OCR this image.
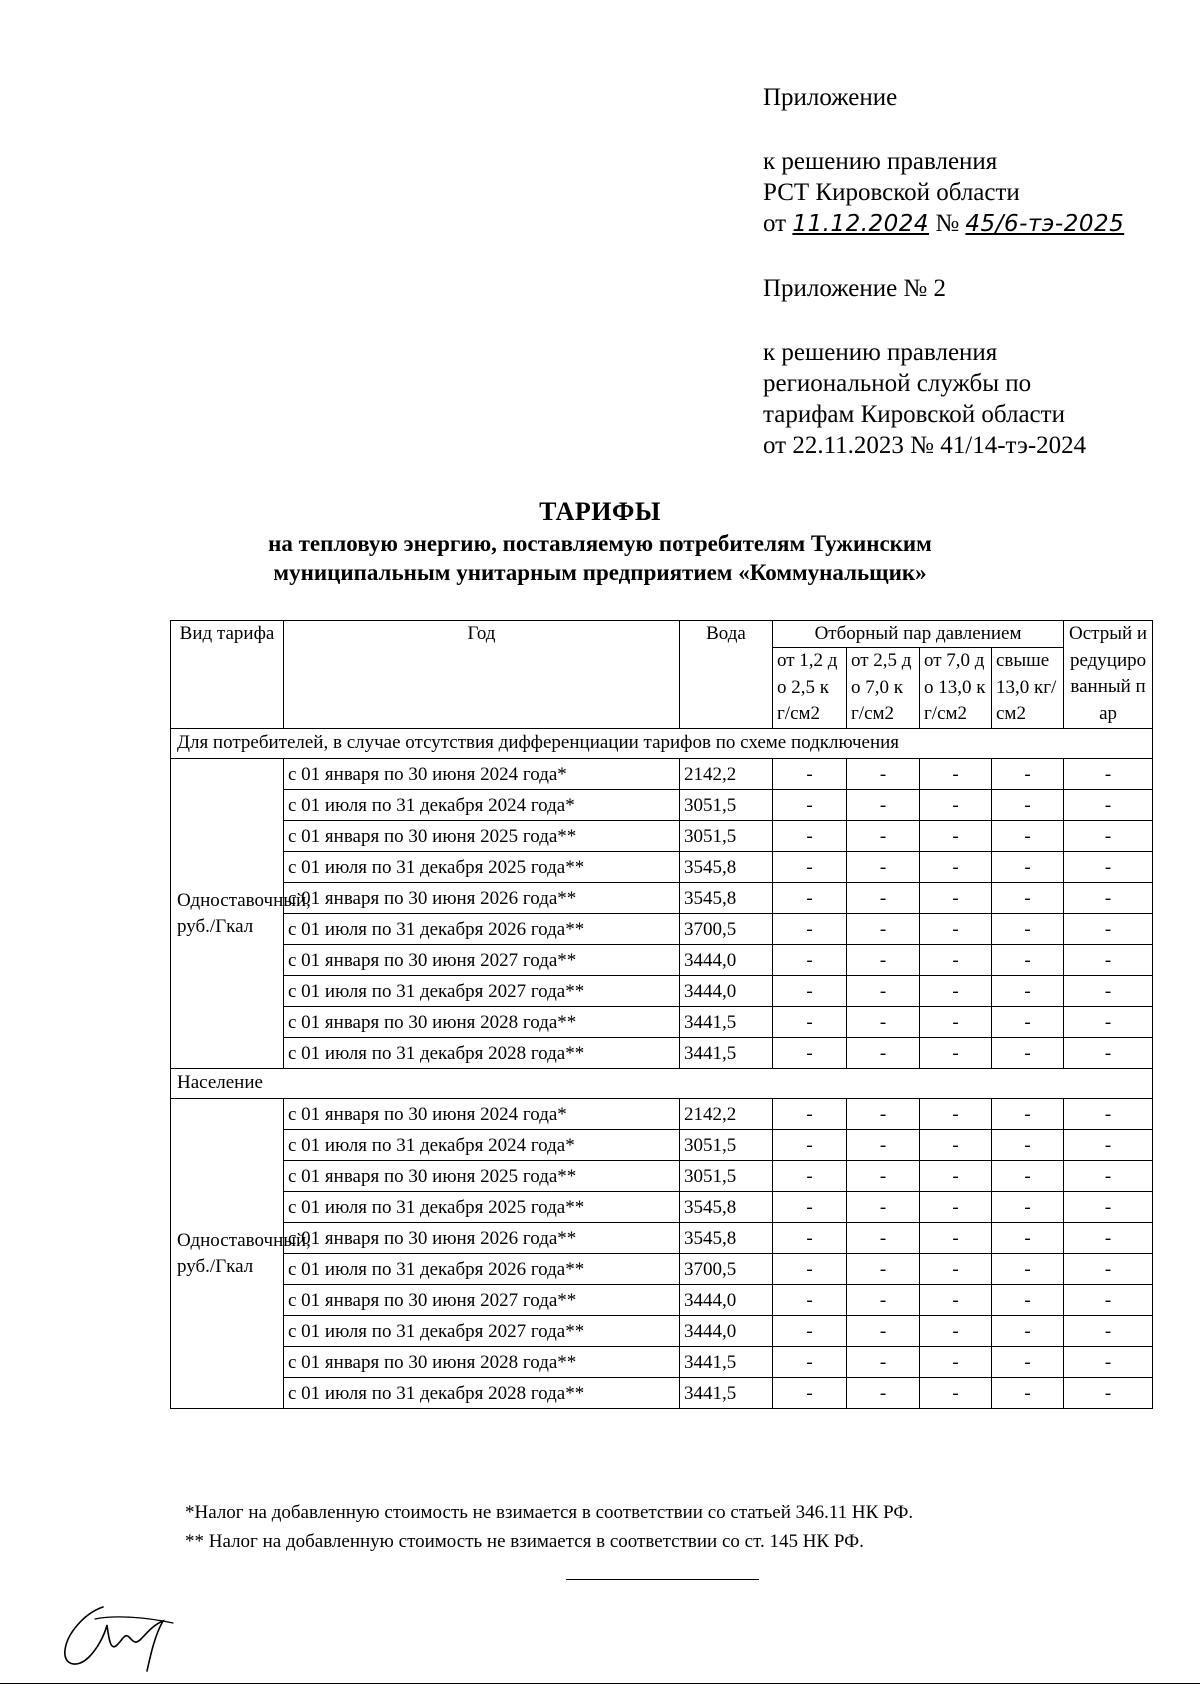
Приложение
к решению правления
РСТ Кировской области
от 11.12.2024 № 45/6-тэ-2025
Приложение № 2
к решению правления
региональной службы по
тарифам Кировской области
от 22.11.2023 № 41/14-тэ-2024
ТАРИФЫ
на тепловую энергию, поставляемую потребителям Тужинским
муниципальным унитарным предприятием «Коммунальщик»
Вид тарифа	Год	Вода	Отборный пар давлением				Острый и редуцированный пар
			от 1,2 до 2,5 кг/см2	от 2,5 до 7,0 кг/см2	от 7,0 до 13,0 кг/см2	свыше 13,0 кг/см2	
Для потребителей, в случае отсутствия дифференциации тарифов по схеме подключения							
Одноставочный, руб./Гкал	с 01 января по 30 июня 2024 года*	2142,2	-	-	-	-	-
	с 01 июля по 31 декабря 2024 года*	3051,5	-	-	-	-	-
	с 01 января по 30 июня 2025 года**	3051,5	-	-	-	-	-
	с 01 июля по 31 декабря 2025 года**	3545,8	-	-	-	-	-
	с 01 января по 30 июня 2026 года**	3545,8	-	-	-	-	-
	с 01 июля по 31 декабря 2026 года**	3700,5	-	-	-	-	-
	с 01 января по 30 июня 2027 года**	3444,0	-	-	-	-	-
	с 01 июля по 31 декабря 2027 года**	3444,0	-	-	-	-	-
	с 01 января по 30 июня 2028 года**	3441,5	-	-	-	-	-
	с 01 июля по 31 декабря 2028 года**	3441,5	-	-	-	-	-
Население							
Одноставочный, руб./Гкал	с 01 января по 30 июня 2024 года*	2142,2	-	-	-	-	-
	с 01 июля по 31 декабря 2024 года*	3051,5	-	-	-	-	-
	с 01 января по 30 июня 2025 года**	3051,5	-	-	-	-	-
	с 01 июля по 31 декабря 2025 года**	3545,8	-	-	-	-	-
	с 01 января по 30 июня 2026 года**	3545,8	-	-	-	-	-
	с 01 июля по 31 декабря 2026 года**	3700,5	-	-	-	-	-
	с 01 января по 30 июня 2027 года**	3444,0	-	-	-	-	-
	с 01 июля по 31 декабря 2027 года**	3444,0	-	-	-	-	-
	с 01 января по 30 июня 2028 года**	3441,5	-	-	-	-	-
	с 01 июля по 31 декабря 2028 года**	3441,5	-	-	-	-	-
*Налог на добавленную стоимость не взимается в соответствии со статьей 346.11 НК РФ.
** Налог на добавленную стоимость не взимается в соответствии со ст. 145 НК РФ.
